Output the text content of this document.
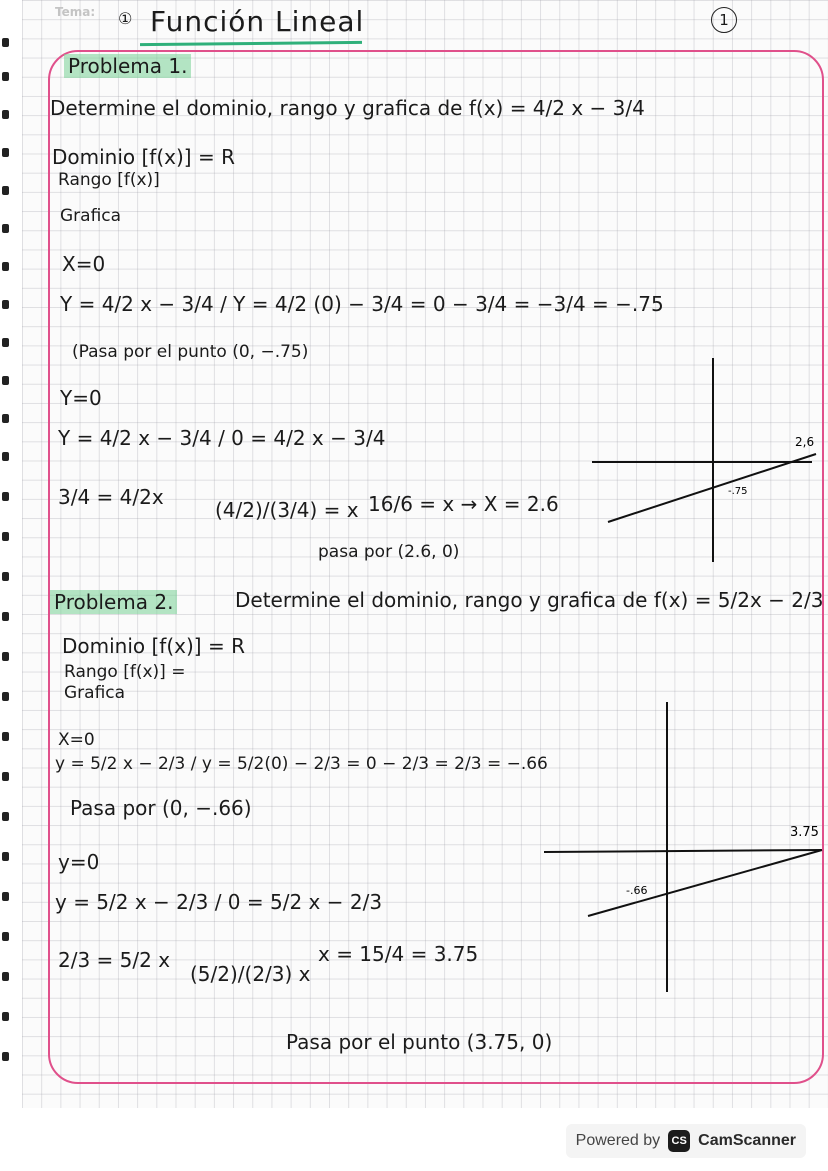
Tema: ① Función Lineal	1
Problema 1.
Determine el dominio, rango y grafica de f(x) = 4/2 x − 3/4
Dominio [f(x)] = R
Rango [f(x)]
Grafica
X=0
Y = 4/2 x − 3/4 / Y = 4/2 (0) − 3/4 = 0 − 3/4 = −3/4 = −.75
(Pasa por el punto (0, −.75)
Y=0
Y = 4/2 x − 3/4 / 0 = 4/2 x − 3/4
3/4 = 4/2x
(4/2)/(3/4) = x 16/6 = x → X = 2.6
pasa por (2.6, 0)
-.75
2,6
Problema 2.	Determine el dominio, rango y grafica de f(x) = 5/2x − 2/3
Dominio [f(x)] = R
Rango [f(x)] =
Grafica
X=0
y = 5/2 x − 2/3 / y = 5/2(0) − 2/3 = 0 − 2/3 = 2/3 = −.66
Pasa por (0, −.66)
y=0
y = 5/2 x − 2/3 / 0 = 5/2 x − 2/3
2/3 = 5/2 x
(5/2)/(2/3) x
x = 15/4 = 3.75
Pasa por el punto (3.75, 0)
-.66
3.75
Powered by	CS CamScanner
